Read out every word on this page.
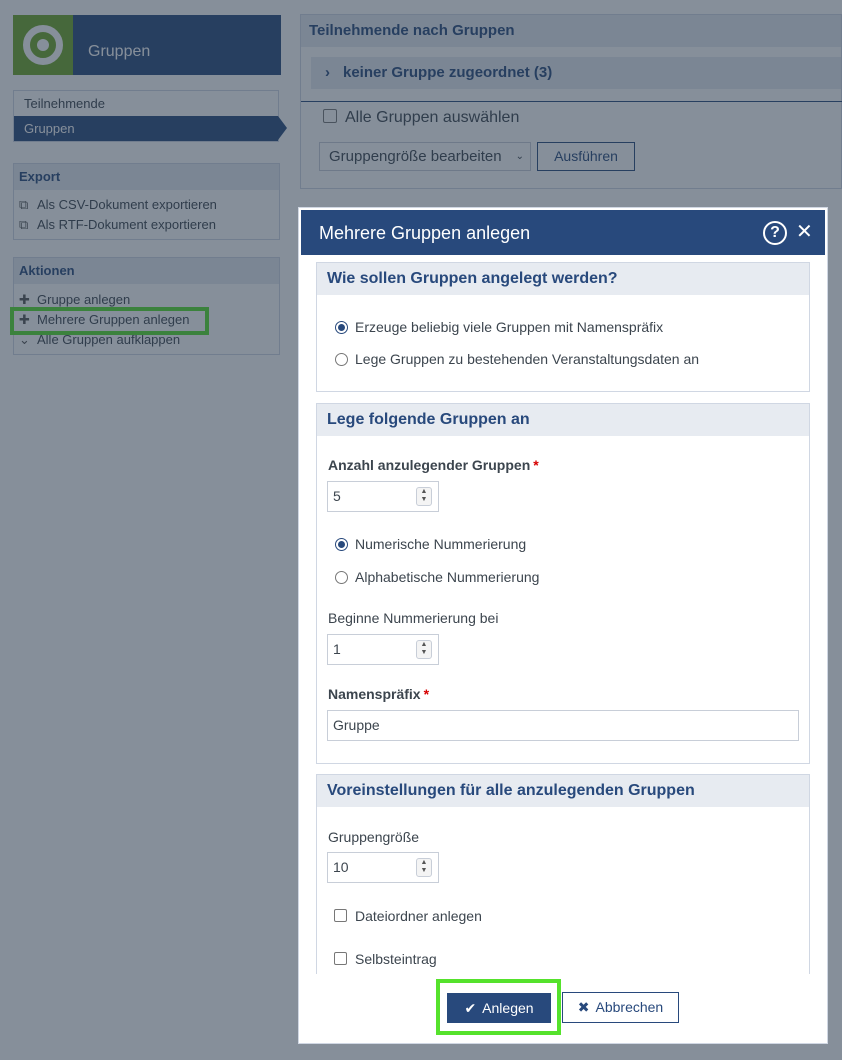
Mehrere Gruppen anlegen	? ✕
Wie sollen Gruppen angelegt werden?
Erzeuge beliebig viele Gruppen mit Namenspräfix
Lege Gruppen zu bestehenden Veranstaltungsdaten an
Lege folgende Gruppen an
Anzahl anzulegender Gruppen *
5	▲
▼
Numerische Nummerierung
Alphabetische Nummerierung
Beginne Nummerierung bei
1	▲
▼
Namenspräfix *
Gruppe
Voreinstellungen für alle anzulegenden Gruppen
Gruppengröße
10	▲
▼
Dateiordner anlegen
Selbsteintrag
✔ Anlegen	✖ Abbrechen
